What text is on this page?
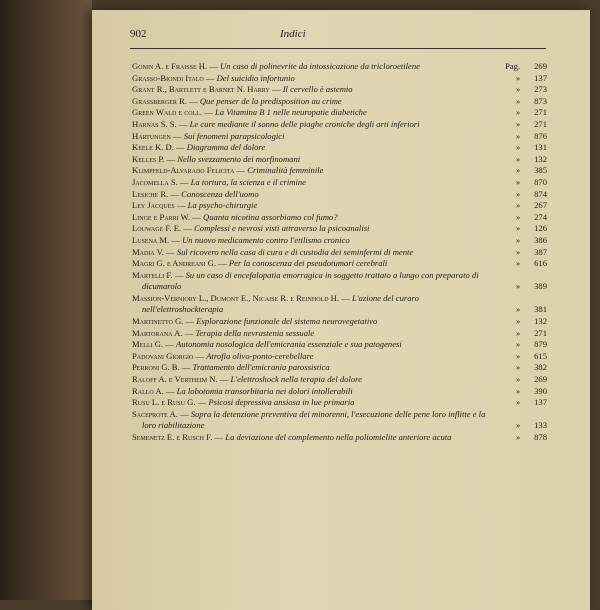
902	Indici
Gonin A. e Fraisse H. — Un caso di polinevrite da intossicazione da tricloroetilene	Pag. 269
Grasso-Biondi Italo — Del suicidio infortunio	» 137
Grant R., Bartlett e Barnet N. Harry — Il cervello è astemio	» 273
Grassberger R. — Que penser de la predisposition au crime	» 873
Green Wald e coll. — La Vitamina B 1 nelle neuropatie diabetiche	» 271
Harnas S. S. — Le cure mediante il sonno delle piaghe croniche degli arti inferiori	» 271
Hartungen — Sui fenomeni parapsicologici	» 876
Keele K. D. — Diagramma del dolore	» 131
Kelles P. — Nello svezzamento dei morfinomani	» 132
Klimpfeld-Alvarado Felicita — Criminalità femminile	» 385
Jacomella S. — La tortura, la scienza e il crimine	» 870
Lesiche R. — Conoscenza dell'uomo	» 874
Ley Jacques — La psycho-chirurgie	» 267
Linge e Parri W. — Quanta nicotina assorbiamo col fumo?	» 274
Louwage F. E. — Complessi e nevrosi visti attraverso la psicoanalisi	» 126
Lusena M. — Un nuovo medicamento contro l'etilismo cronico	» 386
Madia V. — Sul ricovero nella casa di cura e di custodia dei seminfermi di mente	» 387
Magri G. e Andreani G. — Per la conoscenza dei pseudotumori cerebrali	» 616
Martelli F. — Su un caso di encefalopatia emorragica in soggetto trattato a lungo con preparato di dicumarolo	» 389
Massion-Verniory L., Dumont E., Nicaise R. e Reinhold H. — L'azione del curaro nell'elettroshockterapia	» 381
Martinetto G. — Esplorazione funzionale del sistema neurovegetativo	» 132
Martorana A. — Terapia della nevrastenia sessuale	» 271
Melli G. — Autonomia nosologica dell'emicrania essenziale e sua patogenesi	» 879
Padovani Giorgio — Atrofia olivo-ponto-cerebellare	» 615
Perroni G. B. — Trattamento dell'emicrania parossistica	» 382
Raloff A. e Vertheim N. — L'elettroshock nella terapia del dolore	» 269
Rallo A. — La lobotomia transorbitaria nei dolori intollerabili	» 390
Rusu L. e Rusu G. — Psicosi depressiva ansiosa in lue primaria	» 137
Saceprote A. — Sopra la detenzione preventiva dei minorenni, l'esecuzione delle pene loro inflitte e la loro riabilitazione	» 133
Semenetz E. e Rusch F. — La deviazione del complemento nella poliomielite anteriore acuta	» 878
